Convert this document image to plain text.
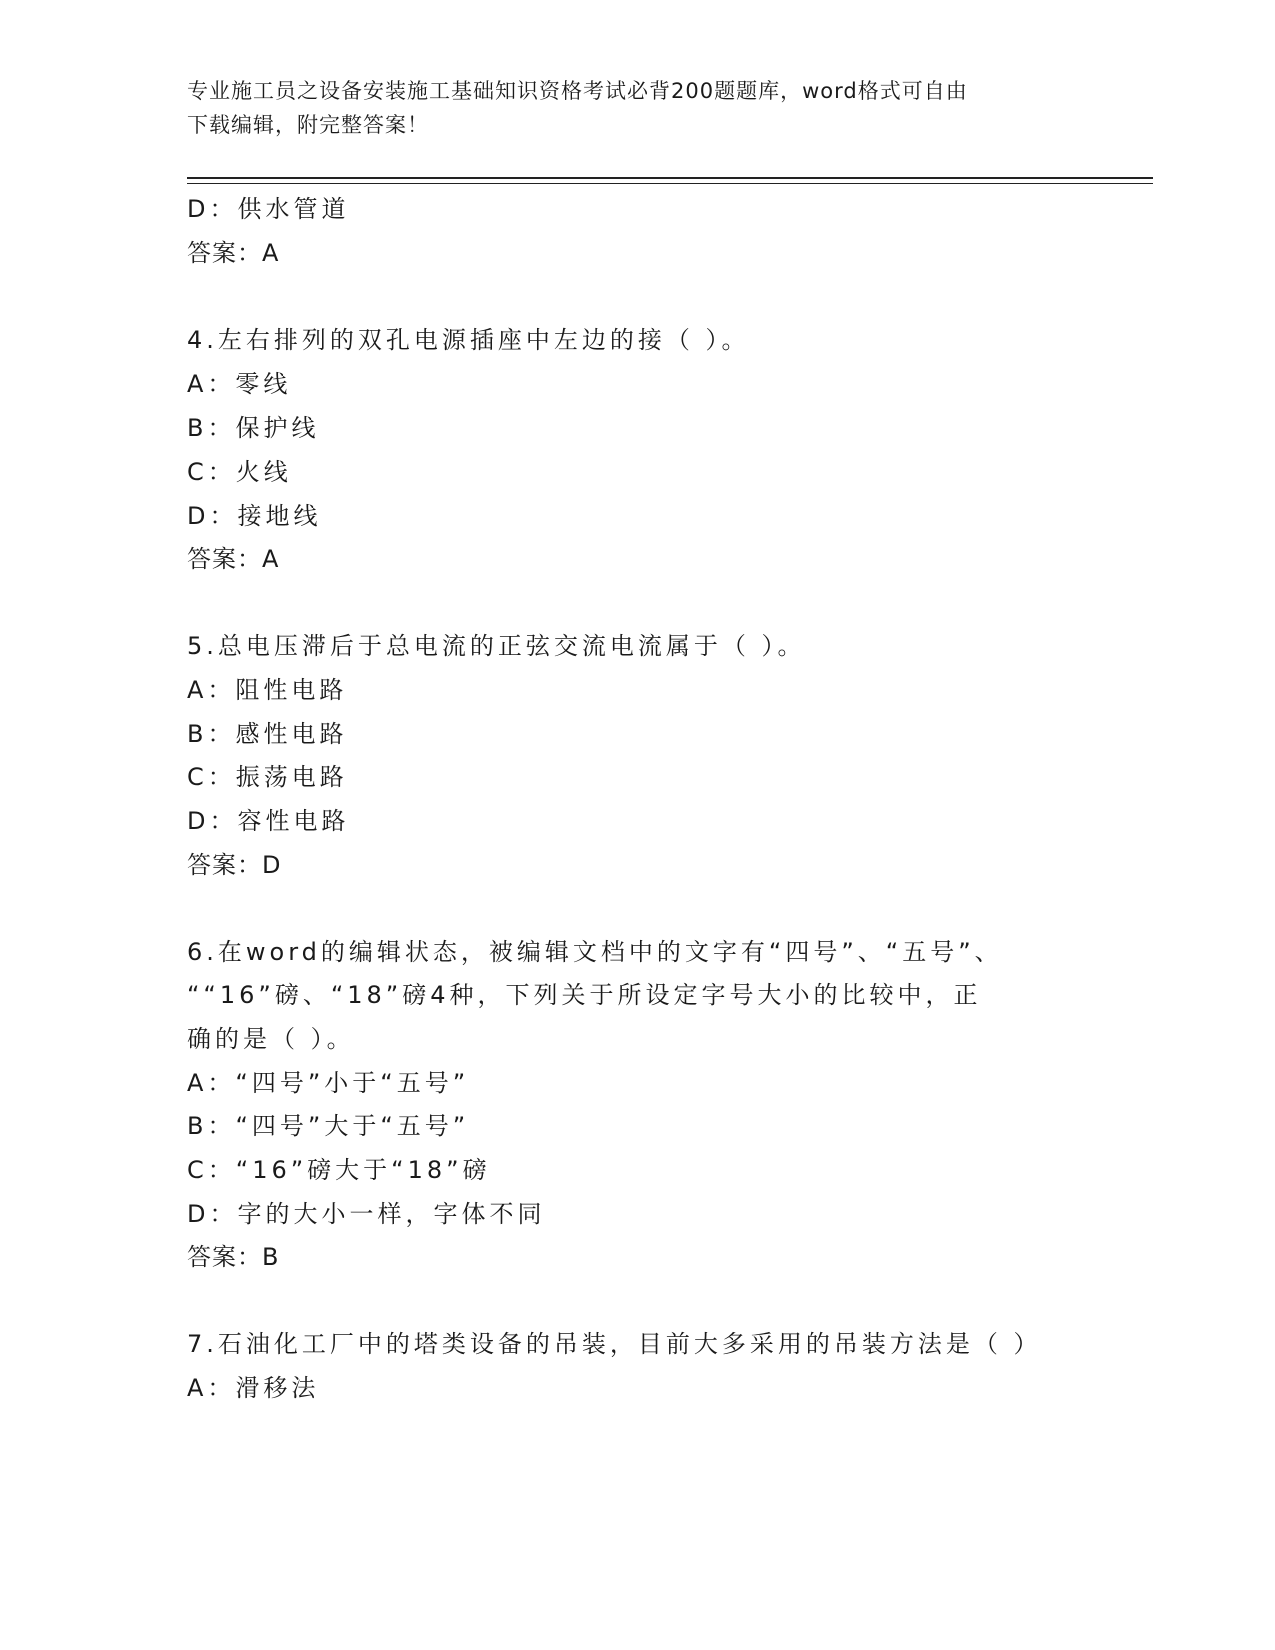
专业施工员之设备安装施工基础知识资格考试必背200题题库，word格式可自由
下载编辑，附完整答案！
D：供水管道
答案：A
4.左右排列的双孔电源插座中左边的接（ ）。
A：零线
B：保护线
C：火线
D：接地线
答案：A
5.总电压滞后于总电流的正弦交流电流属于（ ）。
A：阻性电路
B：感性电路
C：振荡电路
D：容性电路
答案：D
6.在word的编辑状态，被编辑文档中的文字有“四号”、“五号”、
““16”磅、“18”磅4种，下列关于所设定字号大小的比较中，正
确的是（ ）。
A：“四号”小于“五号”
B：“四号”大于“五号”
C：“16”磅大于“18”磅
D：字的大小一样，字体不同
答案：B
7.石油化工厂中的塔类设备的吊装，目前大多采用的吊装方法是（ ）
A：滑移法
